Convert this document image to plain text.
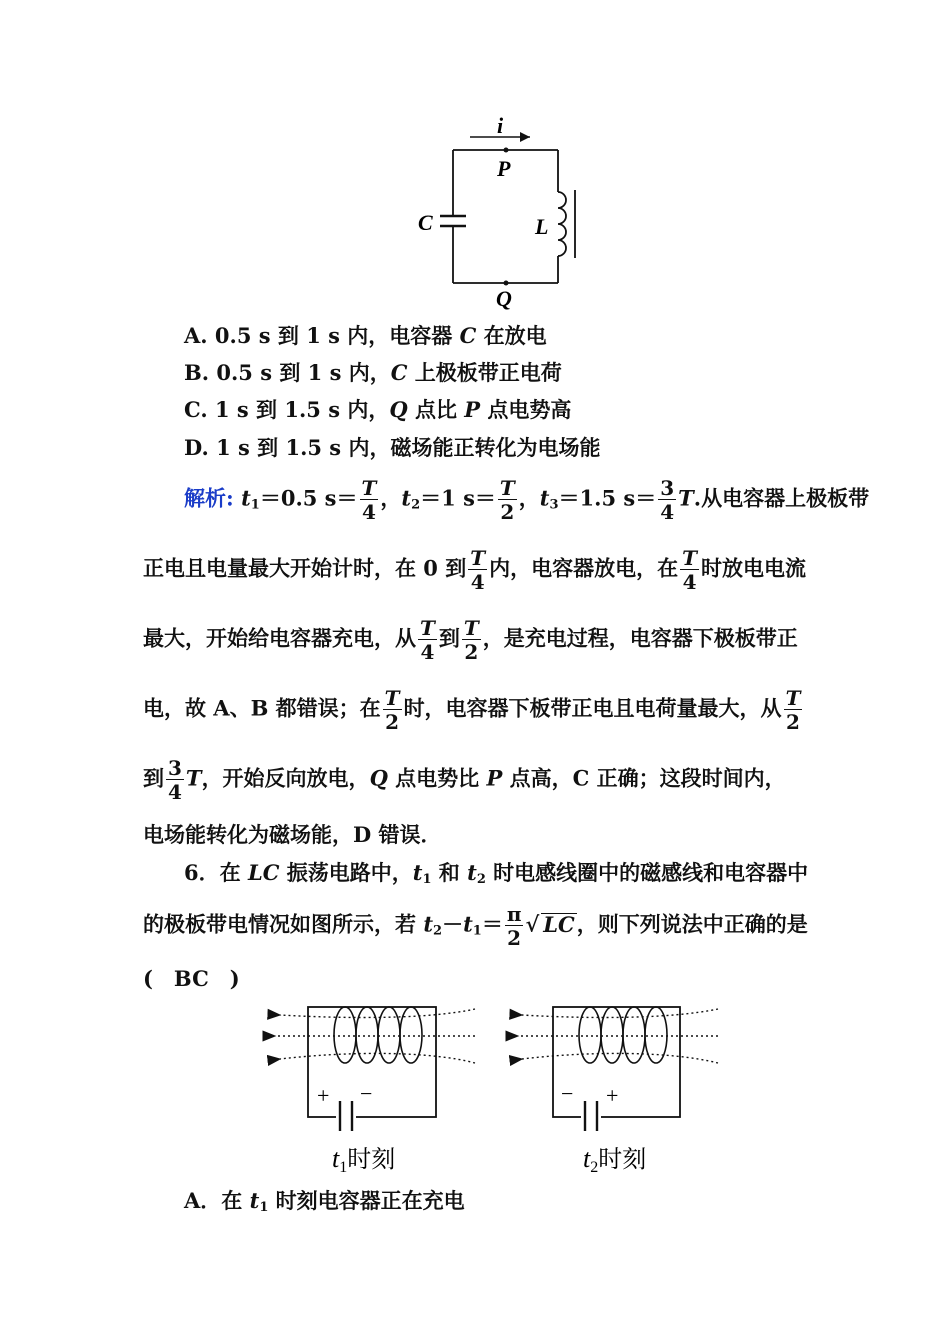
i
C	L
P
Q
A. 0.5 s 到 1 s 内，电容器 C 在放电
B. 0.5 s 到 1 s 内，C 上极板带正电荷
C. 1 s 到 1.5 s 内，Q 点比 P 点电势高
D. 1 s 到 1.5 s 内，磁场能正转化为电场能
解析: $t_1=0.5$ $s= \frac{T}{4}$ ，$t_2=1$ $s= \frac{T}{2}$ ，$t_3=1.5$ $s= \frac{3}{4} T$.从电容器上极板带
正电且电量最大开始计时，在 0 到 $\frac{T}{4}$ 内，电容器放电，在 $\frac{T}{4}$ 时放电电流
最大，开始给电容器充电，从 $\frac{T}{4}$ 到 $\frac{T}{2}$ ，是充电过程，电容器下极板带正
电，故 A、B 都错误；在 $\frac{T}{2}$ 时，电容器下板带正电且电荷量最大，从 $\frac{T}{2}$
到 $\frac{3}{4}$ T，开始反向放电，Q 点电势比 P 点高，C 正确；这段时间内，
电场能转化为磁场能，D 错误．
6．在 LC 振荡电路中，$t_1$ 和 $t_2$ 时电感线圈中的磁感线和电容器中
的极板带电情况如图所示，若 $t_2-t_1= \frac{\pi}{2}$ √ LC，则下列说法中正确的是
(　BC　)
+ −
t1时刻
− +
t2时刻
A．在 $t_1$ 时刻电容器正在充电
